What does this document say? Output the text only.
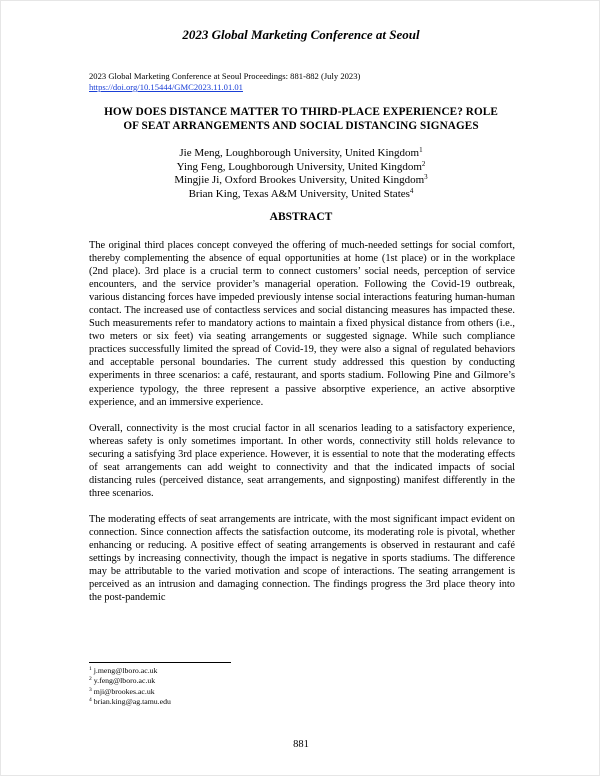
2023 Global Marketing Conference at Seoul
2023 Global Marketing Conference at Seoul Proceedings: 881-882 (July 2023)
https://doi.org/10.15444/GMC2023.11.01.01
HOW DOES DISTANCE MATTER TO THIRD-PLACE EXPERIENCE? ROLE
OF SEAT ARRANGEMENTS AND SOCIAL DISTANCING SIGNAGES
Jie Meng, Loughborough University, United Kingdom$^1$
Ying Feng, Loughborough University, United Kingdom$^2$
Mingjie Ji, Oxford Brookes University, United Kingdom$^3$
Brian King, Texas A&M University, United States$^4$
ABSTRACT

The original third places concept conveyed the offering of much-needed settings for social comfort, thereby complementing the absence of equal opportunities at home (1st place) or in the workplace (2nd place). 3rd place is a crucial term to connect customers’ social needs, perception of service encounters, and the service provider’s managerial operation. Following the Covid-19 outbreak, various distancing forces have impeded previously intense social interactions featuring human-human contact. The increased use of contactless services and social distancing measures has impacted these. Such measurements refer to mandatory actions to maintain a fixed physical distance from others (i.e., two meters or six feet) via seating arrangements or suggested signage. While such compliance practices successfully limited the spread of Covid-19, they were also a signal of regulated behaviors and acceptable personal boundaries. The current study addressed this question by conducting experiments in three scenarios: a café, restaurant, and sports stadium. Following Pine and Gilmore’s experience typology, the three represent a passive absorptive experience, an active absorptive experience, and an immersive experience.

Overall, connectivity is the most crucial factor in all scenarios leading to a satisfactory experience, whereas safety is only sometimes important. In other words, connectivity still holds relevance to securing a satisfying 3rd place experience. However, it is essential to note that the moderating effects of seat arrangements can add weight to connectivity and that the indicated impacts of social distancing rules (perceived distance, seat arrangements, and signposting) manifest differently in the three scenarios.

The moderating effects of seat arrangements are intricate, with the most significant impact evident on connection. Since connection affects the satisfaction outcome, its moderating role is pivotal, whether enhancing or reducing. A positive effect of seating arrangements is observed in restaurant and café settings by increasing connectivity, though the impact is negative in sports stadiums. The difference may be attributable to the varied motivation and scope of interactions. The seating arrangement is perceived as an intrusion and damaging connection. The findings progress the 3rd place theory into the post-pandemic

$^1$ j.meng@lboro.ac.uk
$^2$ y.feng@lboro.ac.uk
$^3$ mji@brookes.ac.uk
$^4$ brian.king@ag.tamu.edu
881
